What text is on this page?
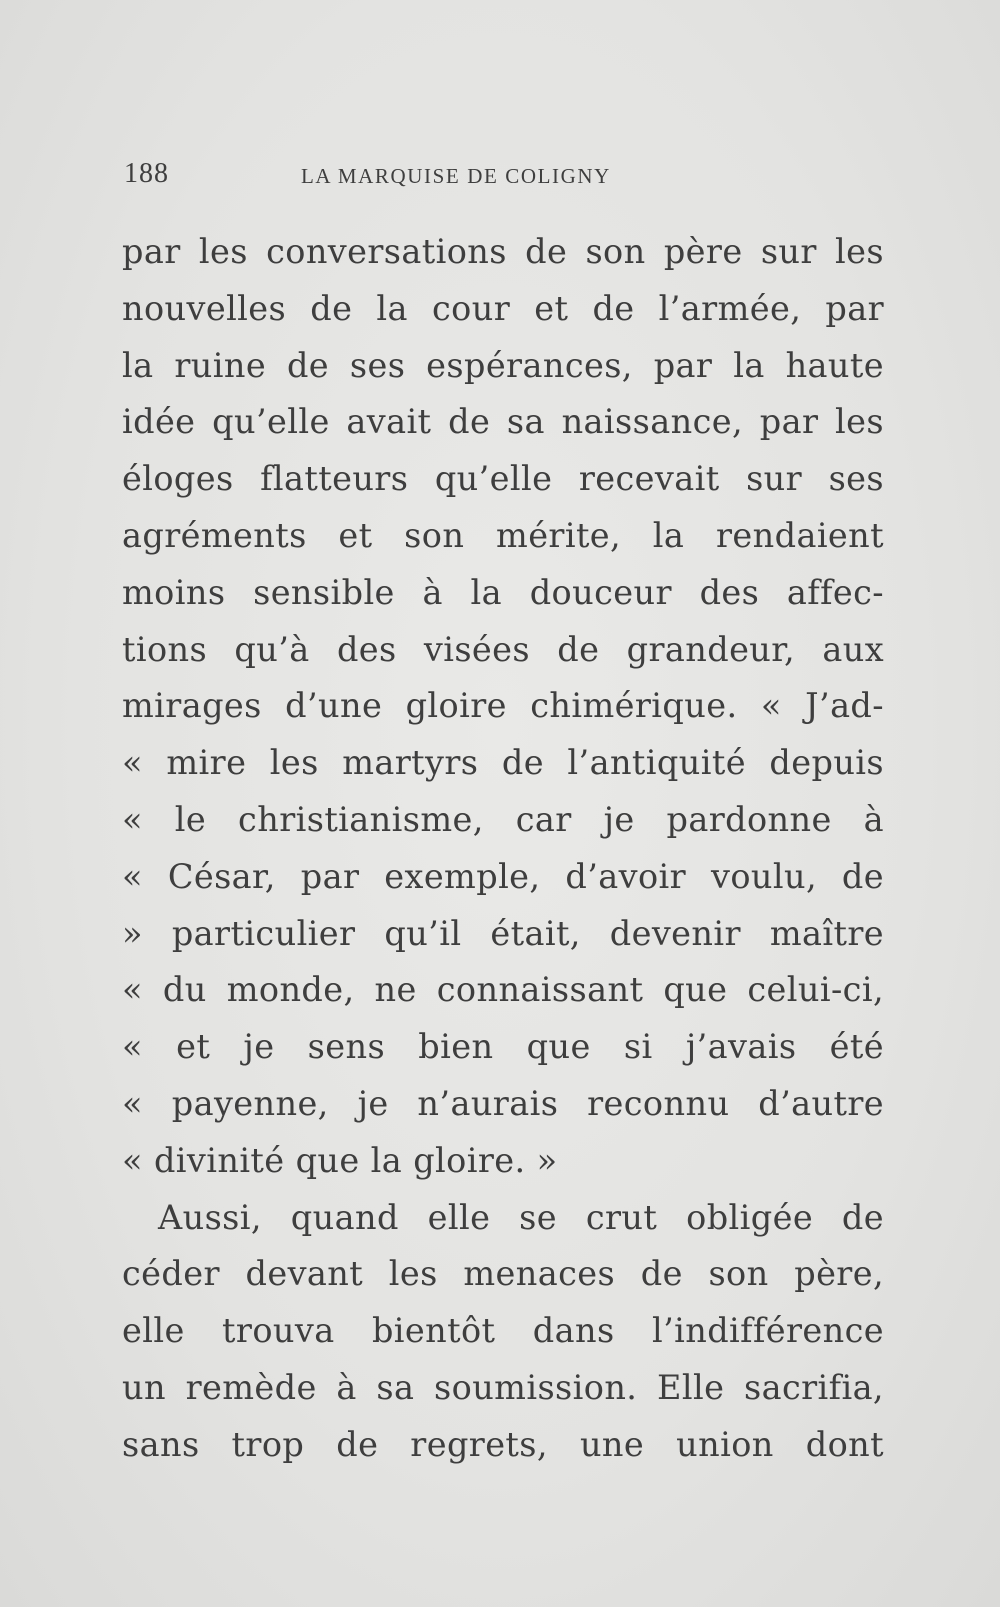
188	LA MARQUISE DE COLIGNY
par les conversations de son père sur les
nouvelles de la cour et de l’armée, par
la ruine de ses espérances, par la haute
idée qu’elle avait de sa naissance, par les
éloges flatteurs qu’elle recevait sur ses
agréments et son mérite, la rendaient
moins sensible à la douceur des affec-
tions qu’à des visées de grandeur, aux
mirages d’une gloire chimérique. « J’ad-
« mire les martyrs de l’antiquité depuis
« le christianisme, car je pardonne à
« César, par exemple, d’avoir voulu, de
» particulier qu’il était, devenir maître
« du monde, ne connaissant que celui-ci,
« et je sens bien que si j’avais été
« payenne, je n’aurais reconnu d’autre
« divinité que la gloire. »
Aussi, quand elle se crut obligée de
céder devant les menaces de son père,
elle trouva bientôt dans l’indifférence
un remède à sa soumission. Elle sacrifia,
sans trop de regrets, une union dont
